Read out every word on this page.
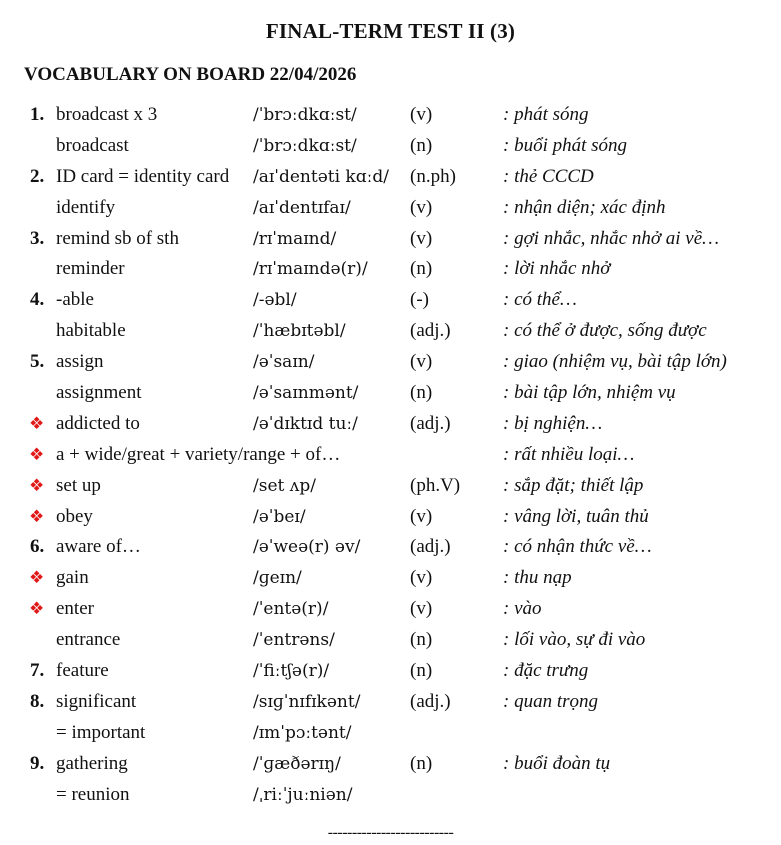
FINAL-TERM TEST II (3)
VOCABULARY ON BOARD 22/04/2026
1. broadcast x 3	/ˈbrɔːdkɑːst/	(v)	: phát sóng
broadcast	/ˈbrɔːdkɑːst/	(n)	: buổi phát sóng
2. ID card = identity card /aɪˈdentəti kɑːd/ (n.ph) : thẻ CCCD
identify	/aɪˈdentɪfaɪ/	(v)	: nhận diện; xác định
3. remind sb of sth	/rɪˈmaɪnd/	(v)	: gợi nhắc, nhắc nhở ai về…
reminder	/rɪˈmaɪndə(r)/ (n)	: lời nhắc nhở
4. -able	/-əbl/	(-)	: có thể…
habitable	/ˈhæbɪtəbl/	(adj.)	: có thể ở được, sống được
5. assign	/əˈsaɪn/	(v)	: giao (nhiệm vụ, bài tập lớn)
assignment	/əˈsaɪnmənt/	(n)	: bài tập lớn, nhiệm vụ
❖ addicted to	/əˈdɪktɪd tuː/	(adj.)	: bị nghiện…
❖ a + wide/great + variety/range + of…	: rất nhiều loại…
❖ set up	/set ʌp/	(ph.V) : sắp đặt; thiết lập
❖ obey	/əˈbeɪ/	(v)	: vâng lời, tuân thủ
6. aware of…	/əˈweə(r) əv/	(adj.)	: có nhận thức về…
❖ gain	/ɡeɪn/	(v)	: thu nạp
❖ enter	/ˈentə(r)/	(v)	: vào
entrance	/ˈentrəns/	(n)	: lối vào, sự đi vào
7. feature	/ˈfiːtʃə(r)/	(n)	: đặc trưng
8. significant	/sɪɡˈnɪfɪkənt/	(adj.)	: quan trọng
= important	/ɪmˈpɔːtənt/
9. gathering	/ˈɡæðərɪŋ/	(n)	: buổi đoàn tụ
= reunion	/ˌriːˈjuːniən/
--------------------------
